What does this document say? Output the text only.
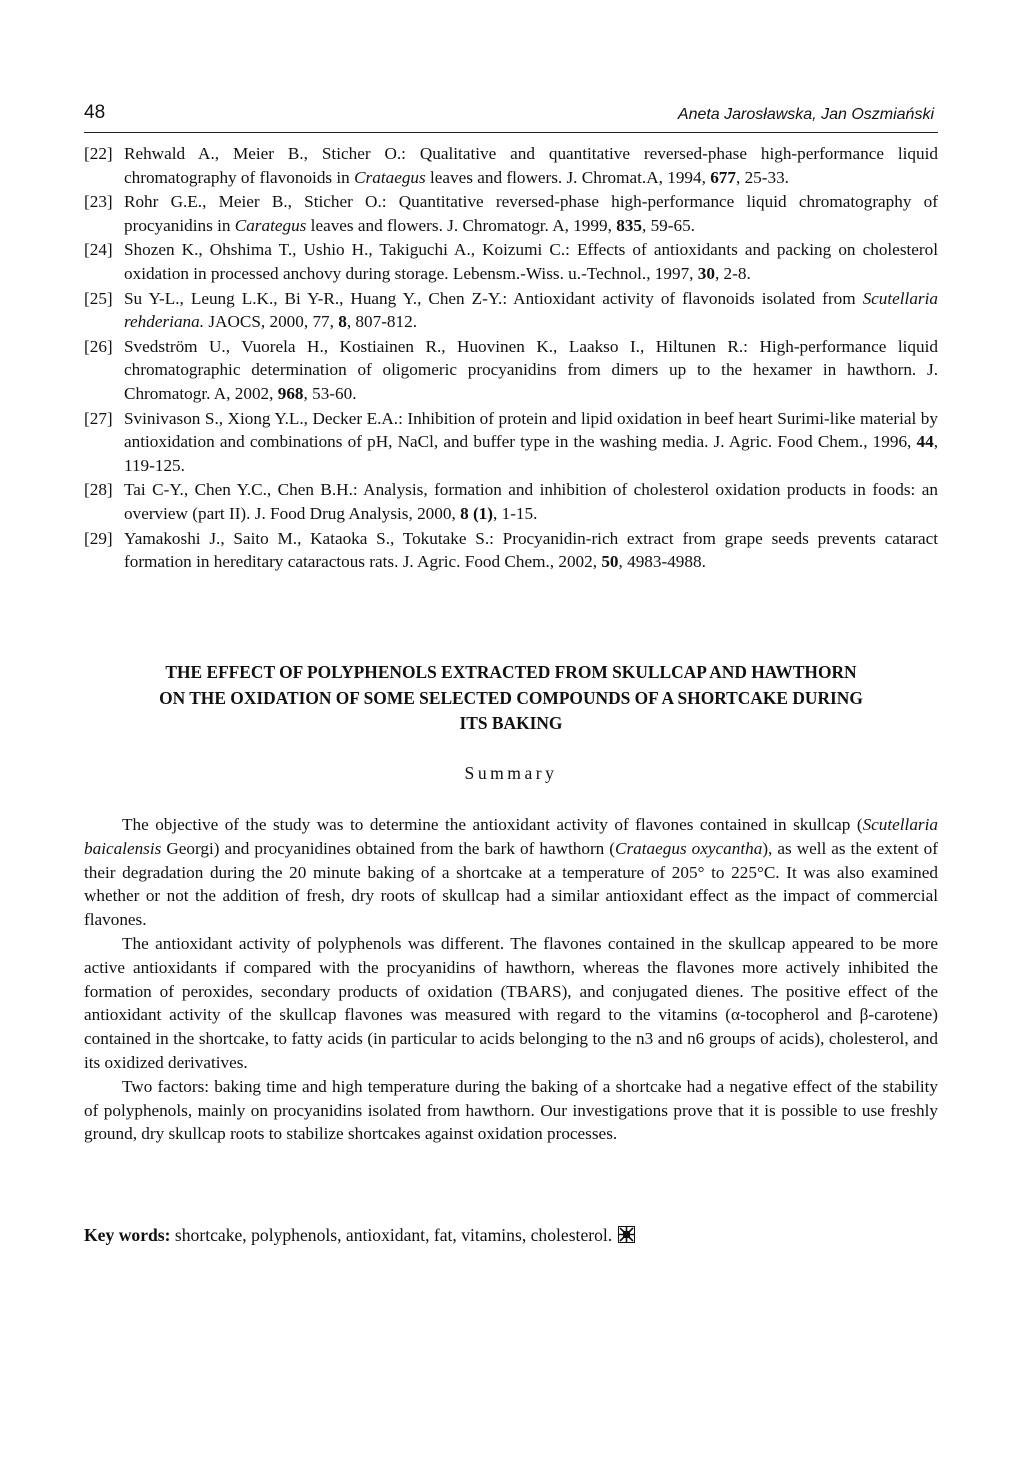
48	Aneta Jarosławska, Jan Oszmiański
[22] Rehwald A., Meier B., Sticher O.: Qualitative and quantitative reversed-phase high-performance liquid chromatography of flavonoids in Crataegus leaves and flowers. J. Chromat.A, 1994, 677, 25-33.
[23] Rohr G.E., Meier B., Sticher O.: Quantitative reversed-phase high-performance liquid chromatography of procyanidins in Carategus leaves and flowers. J. Chromatogr. A, 1999, 835, 59-65.
[24] Shozen K., Ohshima T., Ushio H., Takiguchi A., Koizumi C.: Effects of antioxidants and packing on cholesterol oxidation in processed anchovy during storage. Lebensm.-Wiss. u.-Technol., 1997, 30, 2-8.
[25] Su Y-L., Leung L.K., Bi Y-R., Huang Y., Chen Z-Y.: Antioxidant activity of flavonoids isolated from Scutellaria rehderiana. JAOCS, 2000, 77, 8, 807-812.
[26] Svedström U., Vuorela H., Kostiainen R., Huovinen K., Laakso I., Hiltunen R.: High-performance liquid chromatographic determination of oligomeric procyanidins from dimers up to the hexamer in hawthorn. J. Chromatogr. A, 2002, 968, 53-60.
[27] Svinivason S., Xiong Y.L., Decker E.A.: Inhibition of protein and lipid oxidation in beef heart Surimi-like material by antioxidation and combinations of pH, NaCl, and buffer type in the washing media. J. Agric. Food Chem., 1996, 44, 119-125.
[28] Tai C-Y., Chen Y.C., Chen B.H.: Analysis, formation and inhibition of cholesterol oxidation products in foods: an overview (part II). J. Food Drug Analysis, 2000, 8 (1), 1-15.
[29] Yamakoshi J., Saito M., Kataoka S., Tokutake S.: Procyanidin-rich extract from grape seeds prevents cataract formation in hereditary cataractous rats. J. Agric. Food Chem., 2002, 50, 4983-4988.
THE EFFECT OF POLYPHENOLS EXTRACTED FROM SKULLCAP AND HAWTHORN
ON THE OXIDATION OF SOME SELECTED COMPOUNDS OF A SHORTCAKE DURING
ITS BAKING
Summary

The objective of the study was to determine the antioxidant activity of flavones contained in skullcap (Scutellaria baicalensis Georgi) and procyanidines obtained from the bark of hawthorn (Crataegus oxycantha), as well as the extent of their degradation during the 20 minute baking of a shortcake at a temperature of 205° to 225°C. It was also examined whether or not the addition of fresh, dry roots of skullcap had a similar antioxidant effect as the impact of commercial flavones.

The antioxidant activity of polyphenols was different. The flavones contained in the skullcap appeared to be more active antioxidants if compared with the procyanidins of hawthorn, whereas the flavones more actively inhibited the formation of peroxides, secondary products of oxidation (TBARS), and conjugated dienes. The positive effect of the antioxidant activity of the skullcap flavones was measured with regard to the vitamins (α-tocopherol and β-carotene) contained in the shortcake, to fatty acids (in particular to acids belonging to the n3 and n6 groups of acids), cholesterol, and its oxidized derivatives.

Two factors: baking time and high temperature during the baking of a shortcake had a negative effect of the stability of polyphenols, mainly on procyanidins isolated from hawthorn. Our investigations prove that it is possible to use freshly ground, dry skullcap roots to stabilize shortcakes against oxidation processes.

Key words: shortcake, polyphenols, antioxidant, fat, vitamins, cholesterol.
